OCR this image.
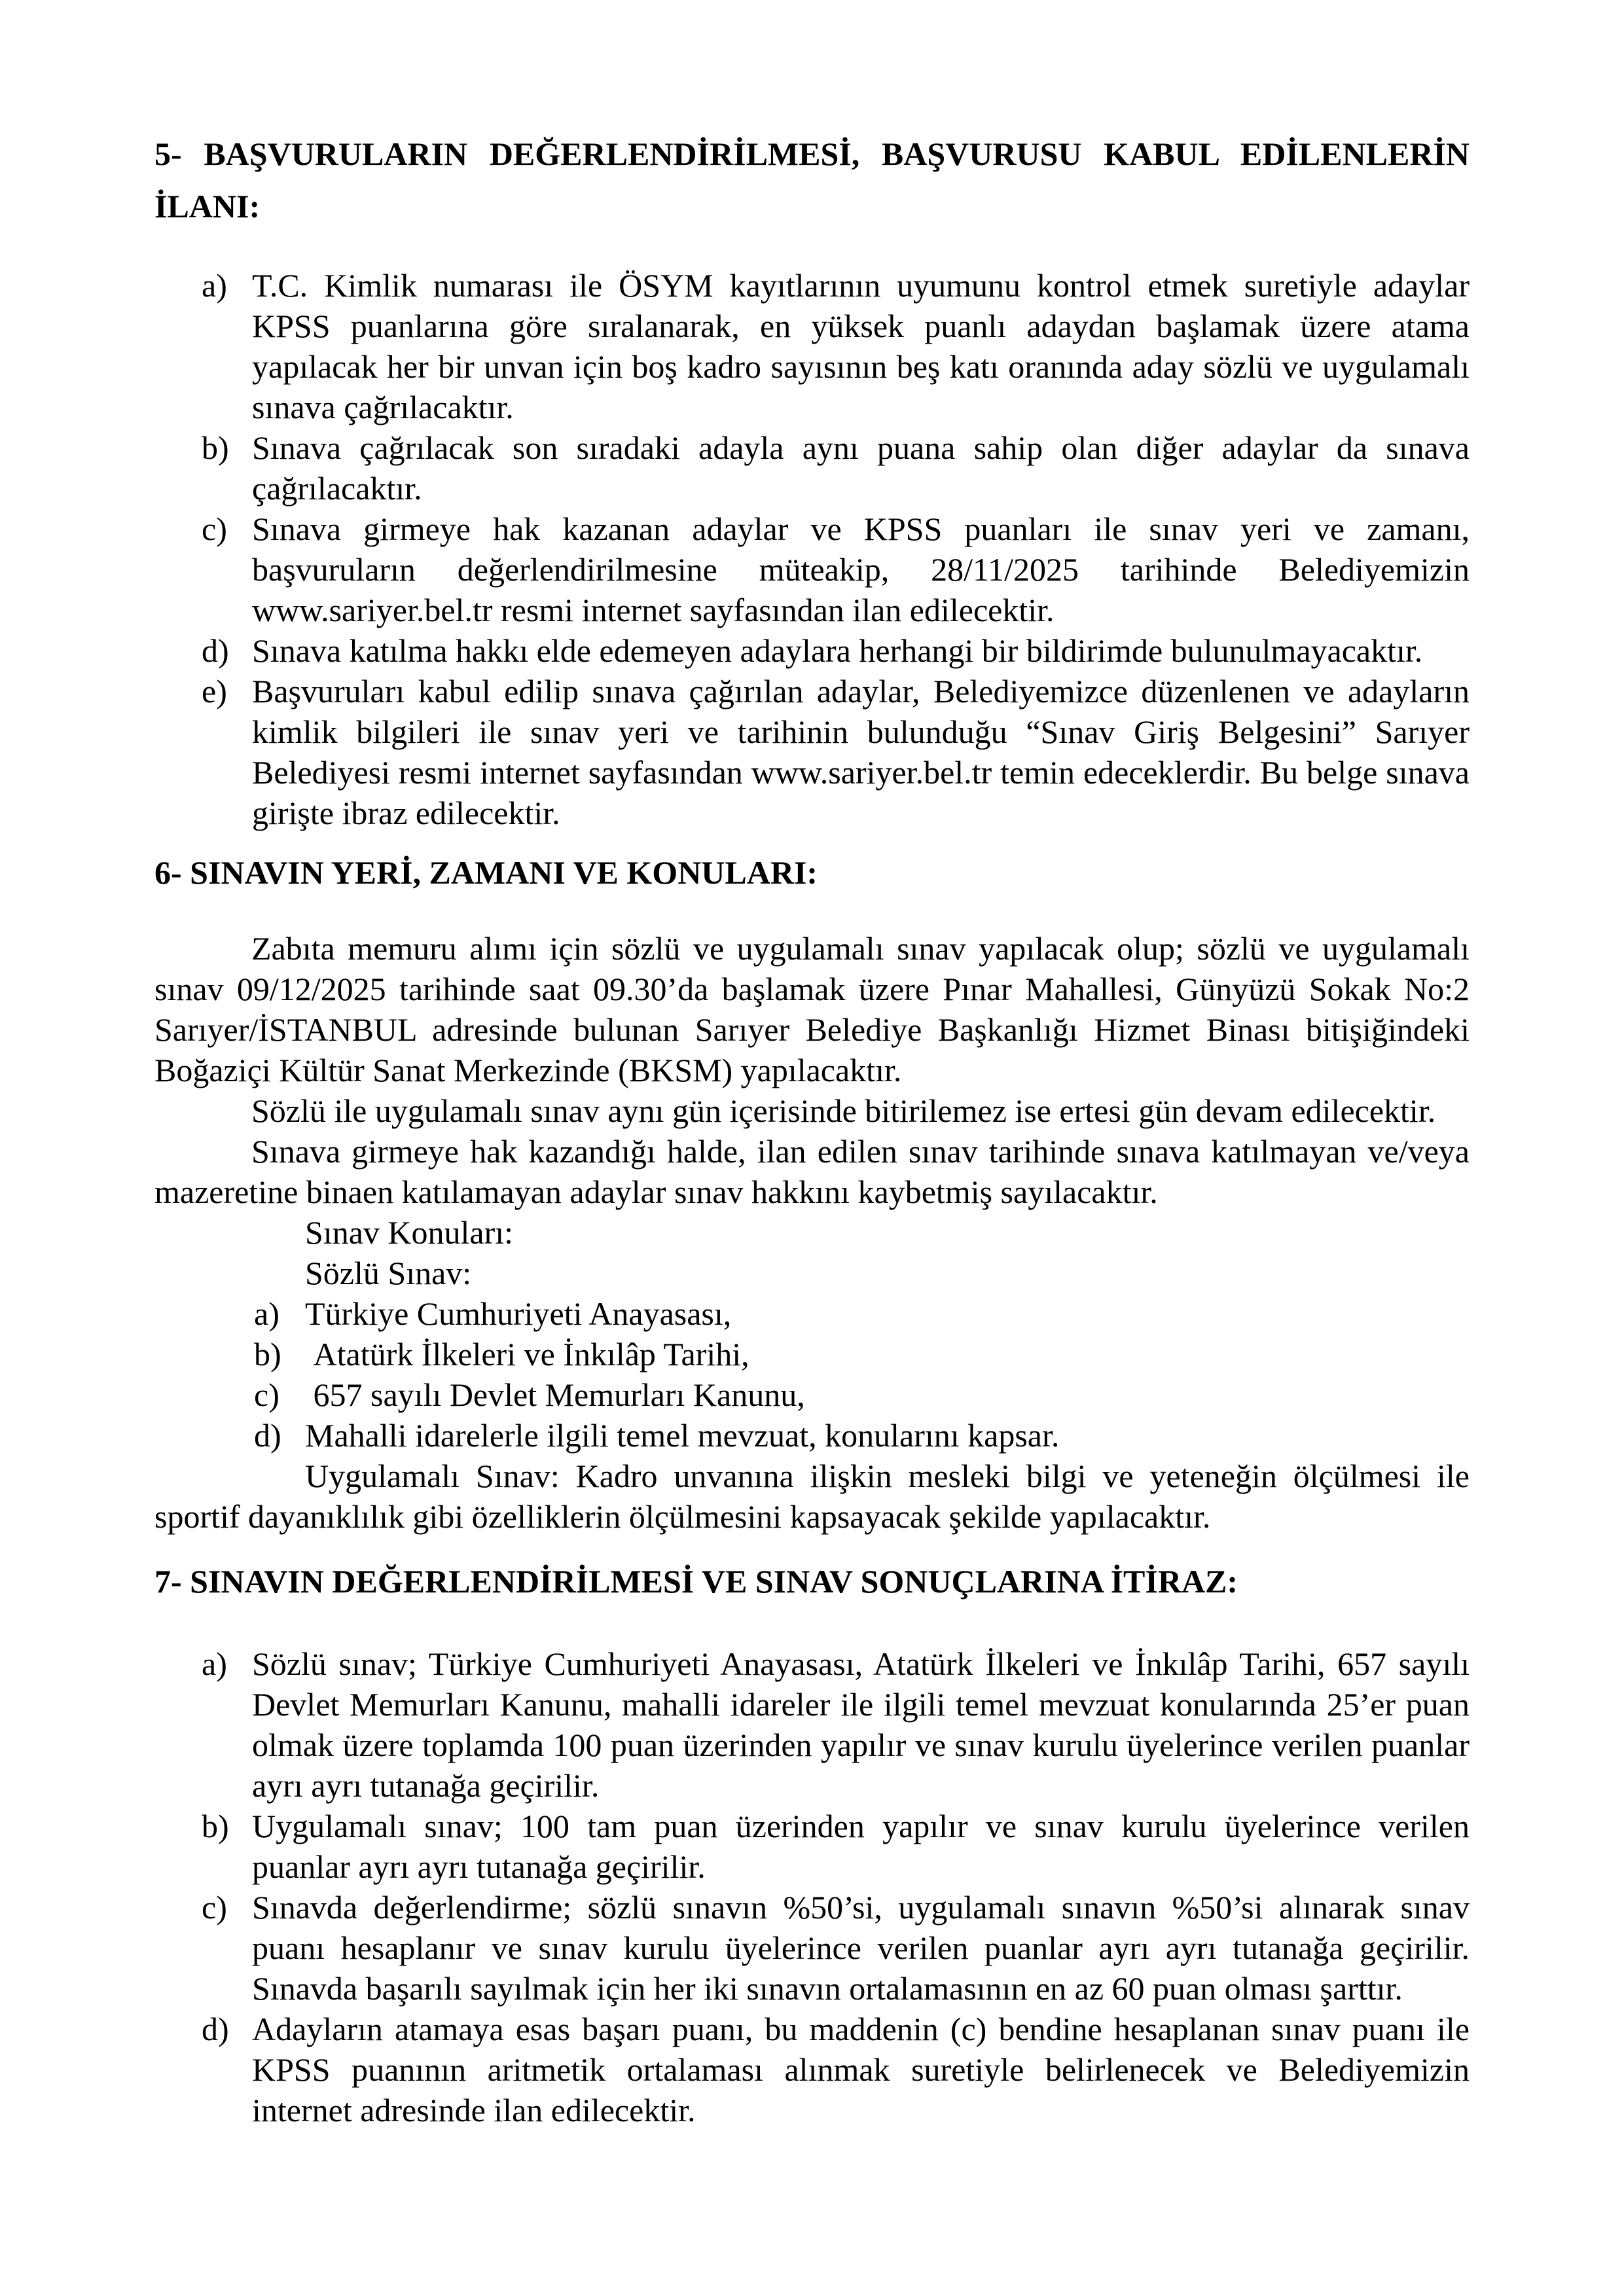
5- BAŞVURULARIN DEĞERLENDİRİLMESİ, BAŞVURUSU KABUL EDİLENLERİN
İLANI:
a) T.C. Kimlik numarası ile ÖSYM kayıtlarının uyumunu kontrol etmek suretiyle adaylar KPSS puanlarına göre sıralanarak, en yüksek puanlı adaydan başlamak üzere atama yapılacak her bir unvan için boş kadro sayısının beş katı oranında aday sözlü ve uygulamalı sınava çağrılacaktır.
b) Sınava çağrılacak son sıradaki adayla aynı puana sahip olan diğer adaylar da sınava çağrılacaktır.
c) Sınava girmeye hak kazanan adaylar ve KPSS puanları ile sınav yeri ve zamanı, başvuruların değerlendirilmesine müteakip, 28/11/2025 tarihinde Belediyemizin www.sariyer.bel.tr resmi internet sayfasından ilan edilecektir.
d) Sınava katılma hakkı elde edemeyen adaylara herhangi bir bildirimde bulunulmayacaktır.
e) Başvuruları kabul edilip sınava çağırılan adaylar, Belediyemizce düzenlenen ve adayların kimlik bilgileri ile sınav yeri ve tarihinin bulunduğu “Sınav Giriş Belgesini” Sarıyer Belediyesi resmi internet sayfasından www.sariyer.bel.tr temin edeceklerdir. Bu belge sınava girişte ibraz edilecektir.
6- SINAVIN YERİ, ZAMANI VE KONULARI:

Zabıta memuru alımı için sözlü ve uygulamalı sınav yapılacak olup; sözlü ve uygulamalı sınav 09/12/2025 tarihinde saat 09.30’da başlamak üzere Pınar Mahallesi, Günyüzü Sokak No:2 Sarıyer/İSTANBUL adresinde bulunan Sarıyer Belediye Başkanlığı Hizmet Binası bitişiğindeki Boğaziçi Kültür Sanat Merkezinde (BKSM) yapılacaktır.

Sözlü ile uygulamalı sınav aynı gün içerisinde bitirilemez ise ertesi gün devam edilecektir.

Sınava girmeye hak kazandığı halde, ilan edilen sınav tarihinde sınava katılmayan ve/veya mazeretine binaen katılamayan adaylar sınav hakkını kaybetmiş sayılacaktır.

Sınav Konuları:

Sözlü Sınav:

a) Türkiye Cumhuriyeti Anayasası,
b) Atatürk İlkeleri ve İnkılâp Tarihi,
c) 657 sayılı Devlet Memurları Kanunu,
d) Mahalli idarelerle ilgili temel mevzuat, konularını kapsar.

Uygulamalı Sınav: Kadro unvanına ilişkin mesleki bilgi ve yeteneğin ölçülmesi ile sportif dayanıklılık gibi özelliklerin ölçülmesini kapsayacak şekilde yapılacaktır.

7- SINAVIN DEĞERLENDİRİLMESİ VE SINAV SONUÇLARINA İTİRAZ:
a) Sözlü sınav; Türkiye Cumhuriyeti Anayasası, Atatürk İlkeleri ve İnkılâp Tarihi, 657 sayılı Devlet Memurları Kanunu, mahalli idareler ile ilgili temel mevzuat konularında 25’er puan olmak üzere toplamda 100 puan üzerinden yapılır ve sınav kurulu üyelerince verilen puanlar ayrı ayrı tutanağa geçirilir.
b) Uygulamalı sınav; 100 tam puan üzerinden yapılır ve sınav kurulu üyelerince verilen puanlar ayrı ayrı tutanağa geçirilir.
c) Sınavda değerlendirme; sözlü sınavın %50’si, uygulamalı sınavın %50’si alınarak sınav puanı hesaplanır ve sınav kurulu üyelerince verilen puanlar ayrı ayrı tutanağa geçirilir. Sınavda başarılı sayılmak için her iki sınavın ortalamasının en az 60 puan olması şarttır.
d) Adayların atamaya esas başarı puanı, bu maddenin (c) bendine hesaplanan sınav puanı ile KPSS puanının aritmetik ortalaması alınmak suretiyle belirlenecek ve Belediyemizin internet adresinde ilan edilecektir.
